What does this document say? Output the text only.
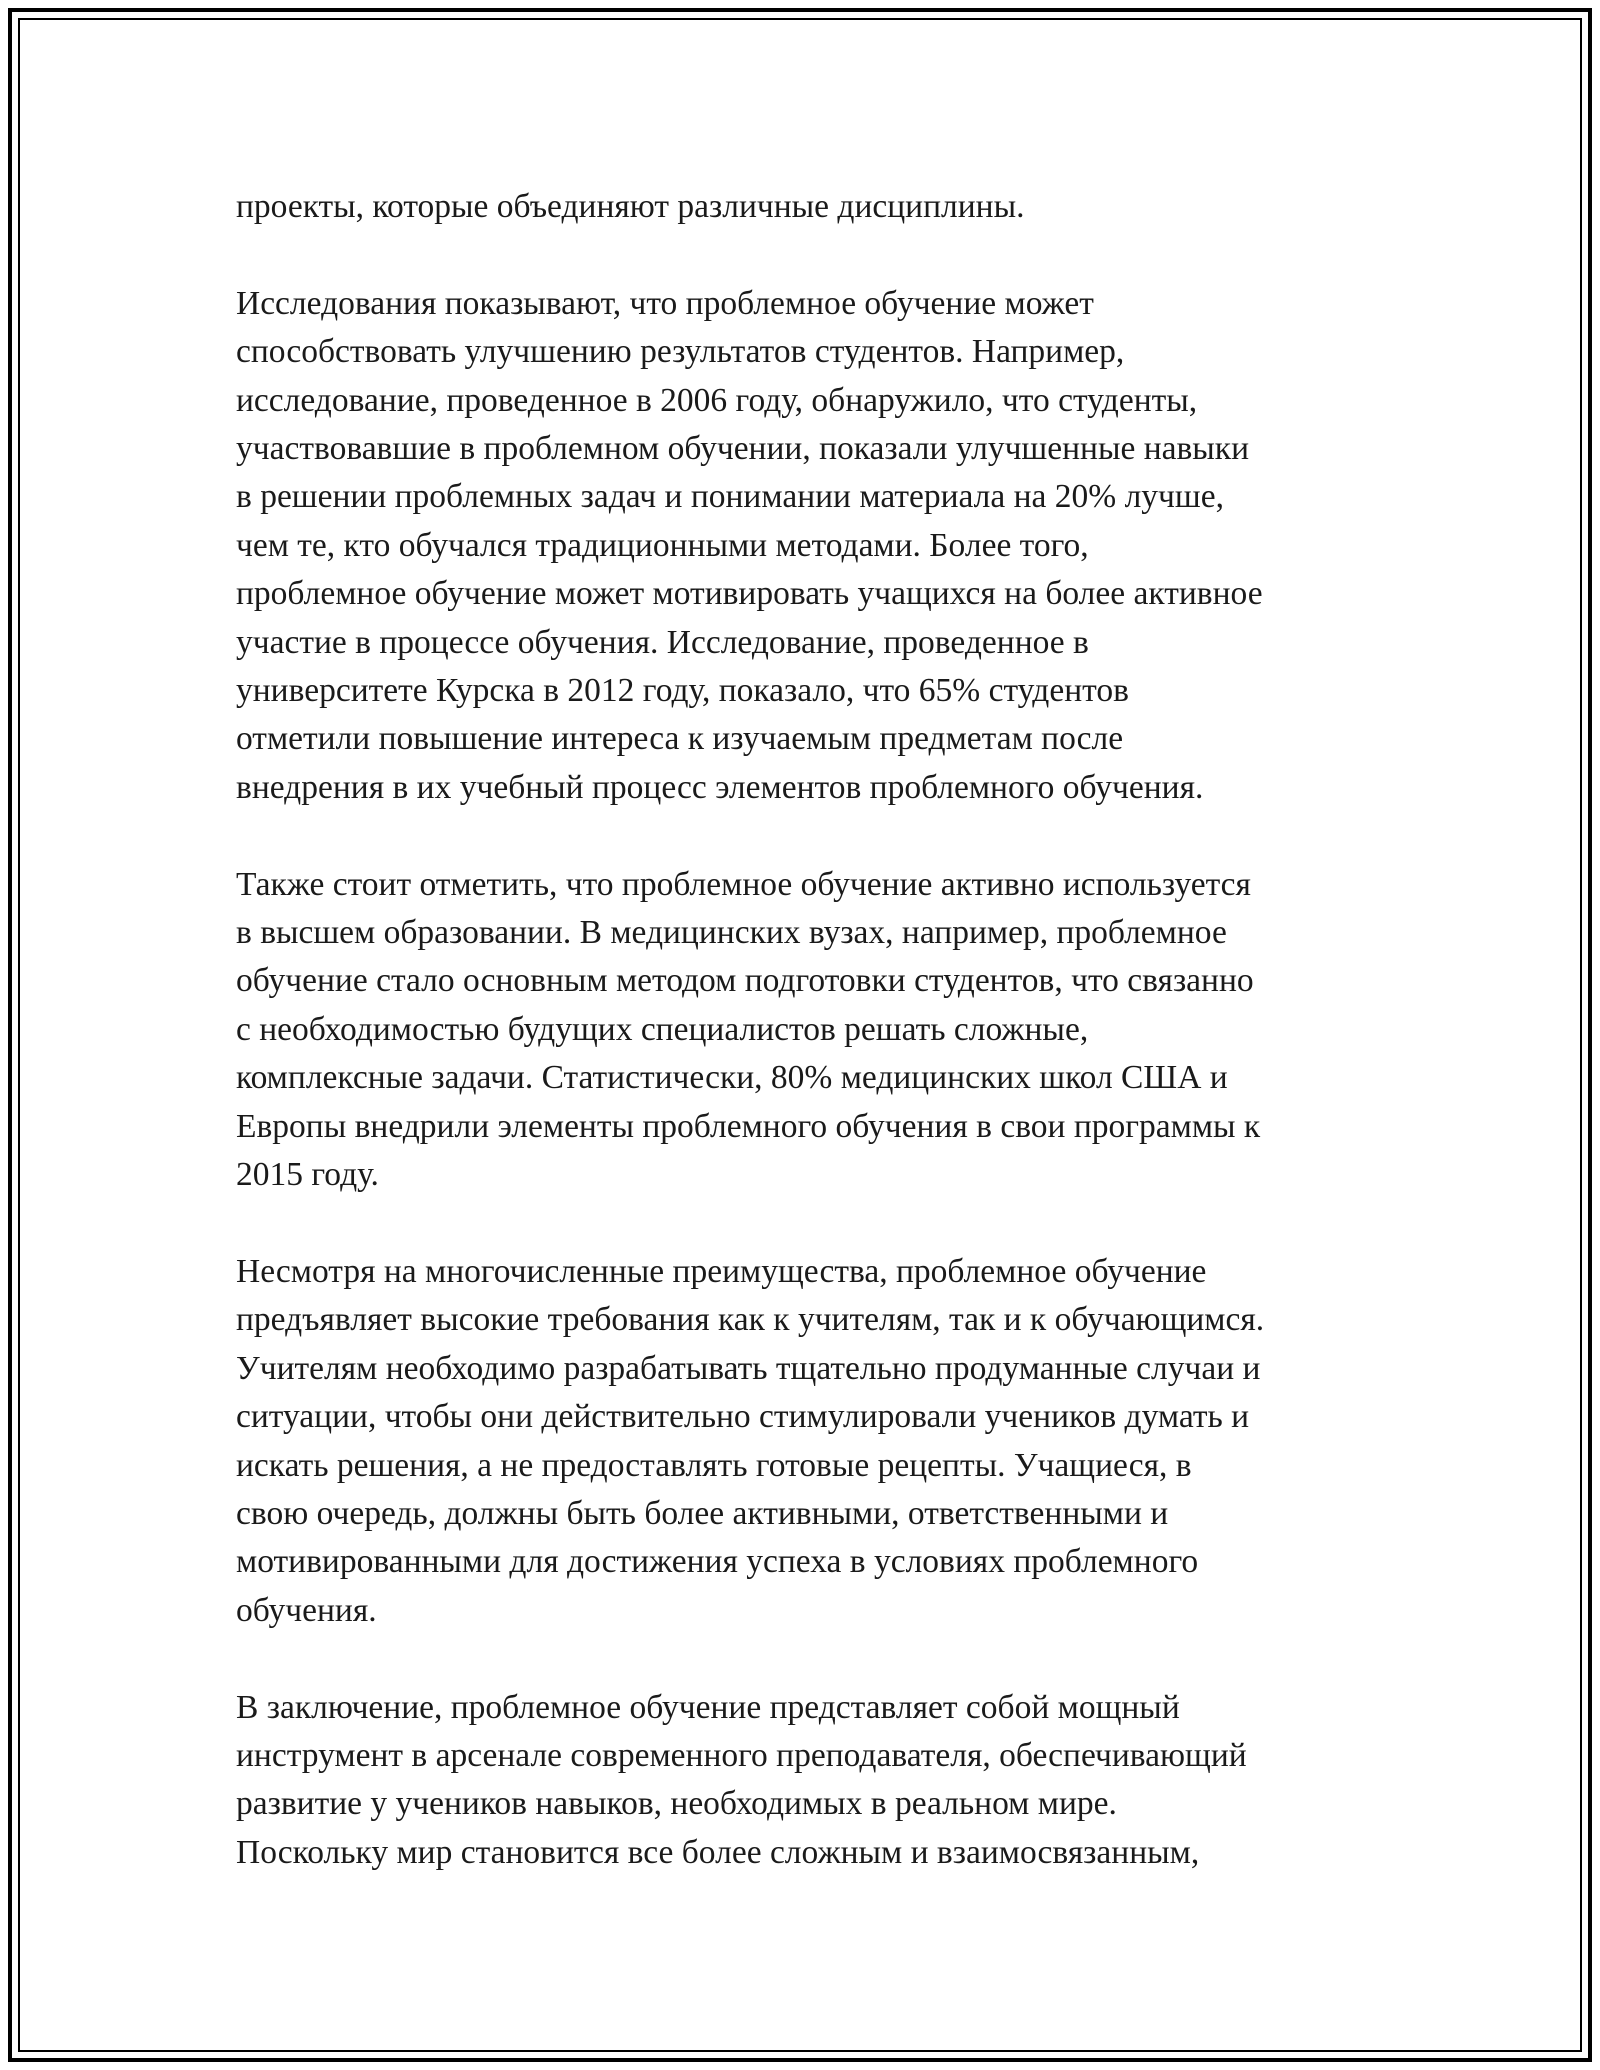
проекты, которые объединяют различные дисциплины.

Исследования показывают, что проблемное обучение может
способствовать улучшению результатов студентов. Например,
исследование, проведенное в 2006 году, обнаружило, что студенты,
участвовавшие в проблемном обучении, показали улучшенные навыки
в решении проблемных задач и понимании материала на 20% лучше,
чем те, кто обучался традиционными методами. Более того,
проблемное обучение может мотивировать учащихся на более активное
участие в процессе обучения. Исследование, проведенное в
университете Курска в 2012 году, показало, что 65% студентов
отметили повышение интереса к изучаемым предметам после
внедрения в их учебный процесс элементов проблемного обучения.

Также стоит отметить, что проблемное обучение активно используется
в высшем образовании. В медицинских вузах, например, проблемное
обучение стало основным методом подготовки студентов, что связанно
с необходимостью будущих специалистов решать сложные,
комплексные задачи. Статистически, 80% медицинских школ США и
Европы внедрили элементы проблемного обучения в свои программы к
2015 году.

Несмотря на многочисленные преимущества, проблемное обучение
предъявляет высокие требования как к учителям, так и к обучающимся.
Учителям необходимо разрабатывать тщательно продуманные случаи и
ситуации, чтобы они действительно стимулировали учеников думать и
искать решения, а не предоставлять готовые рецепты. Учащиеся, в
свою очередь, должны быть более активными, ответственными и
мотивированными для достижения успеха в условиях проблемного
обучения.

В заключение, проблемное обучение представляет собой мощный
инструмент в арсенале современного преподавателя, обеспечивающий
развитие у учеников навыков, необходимых в реальном мире.
Поскольку мир становится все более сложным и взаимосвязанным,
